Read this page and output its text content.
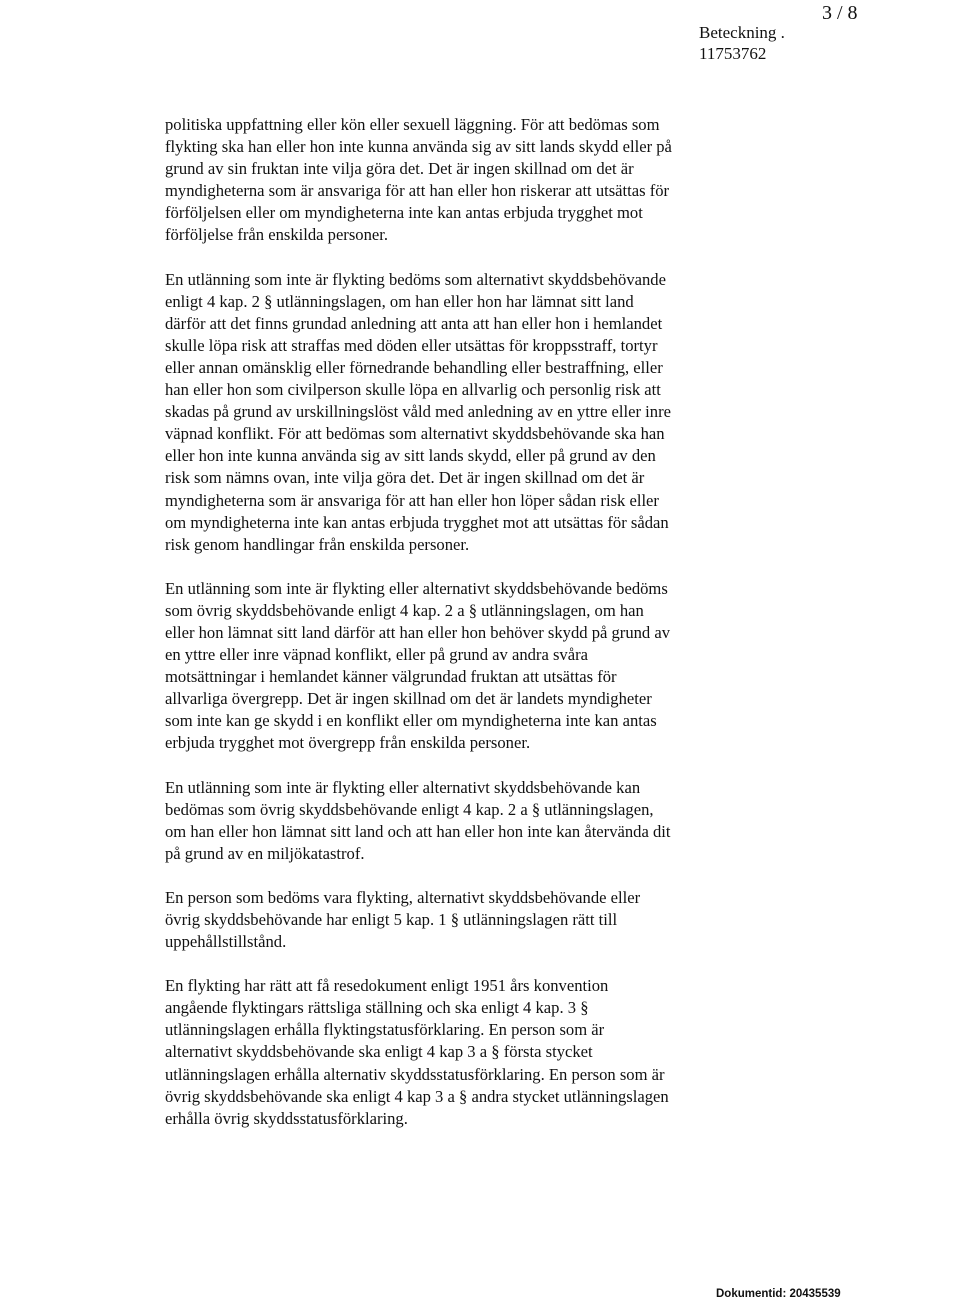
3 / 8
Beteckning .
11753762

politiska uppfattning eller kön eller sexuell läggning. För att bedömas som
flykting ska han eller hon inte kunna använda sig av sitt lands skydd eller på
grund av sin fruktan inte vilja göra det. Det är ingen skillnad om det är
myndigheterna som är ansvariga för att han eller hon riskerar att utsättas för
förföljelsen eller om myndigheterna inte kan antas erbjuda trygghet mot
förföljelse från enskilda personer.

En utlänning som inte är flykting bedöms som alternativt skyddsbehövande
enligt 4 kap. 2 § utlänningslagen, om han eller hon har lämnat sitt land
därför att det finns grundad anledning att anta att han eller hon i hemlandet
skulle löpa risk att straffas med döden eller utsättas för kroppsstraff, tortyr
eller annan omänsklig eller förnedrande behandling eller bestraffning, eller
han eller hon som civilperson skulle löpa en allvarlig och personlig risk att
skadas på grund av urskillningslöst våld med anledning av en yttre eller inre
väpnad konflikt. För att bedömas som alternativt skyddsbehövande ska han
eller hon inte kunna använda sig av sitt lands skydd, eller på grund av den
risk som nämns ovan, inte vilja göra det. Det är ingen skillnad om det är
myndigheterna som är ansvariga för att han eller hon löper sådan risk eller
om myndigheterna inte kan antas erbjuda trygghet mot att utsättas för sådan
risk genom handlingar från enskilda personer.

En utlänning som inte är flykting eller alternativt skyddsbehövande bedöms
som övrig skyddsbehövande enligt 4 kap. 2 a § utlänningslagen, om han
eller hon lämnat sitt land därför att han eller hon behöver skydd på grund av
en yttre eller inre väpnad konflikt, eller på grund av andra svåra
motsättningar i hemlandet känner välgrundad fruktan att utsättas för
allvarliga övergrepp. Det är ingen skillnad om det är landets myndigheter
som inte kan ge skydd i en konflikt eller om myndigheterna inte kan antas
erbjuda trygghet mot övergrepp från enskilda personer.

En utlänning som inte är flykting eller alternativt skyddsbehövande kan
bedömas som övrig skyddsbehövande enligt 4 kap. 2 a § utlänningslagen,
om han eller hon lämnat sitt land och att han eller hon inte kan återvända dit
på grund av en miljökatastrof.

En person som bedöms vara flykting, alternativt skyddsbehövande eller
övrig skyddsbehövande har enligt 5 kap. 1 § utlänningslagen rätt till
uppehållstillstånd.

En flykting har rätt att få resedokument enligt 1951 års konvention
angående flyktingars rättsliga ställning och ska enligt 4 kap. 3 §
utlänningslagen erhålla flyktingstatusförklaring. En person som är
alternativt skyddsbehövande ska enligt 4 kap 3 a § första stycket
utlänningslagen erhålla alternativ skyddsstatusförklaring. En person som är
övrig skyddsbehövande ska enligt 4 kap 3 a § andra stycket utlänningslagen
erhålla övrig skyddsstatusförklaring.

Dokumentid: 20435539
